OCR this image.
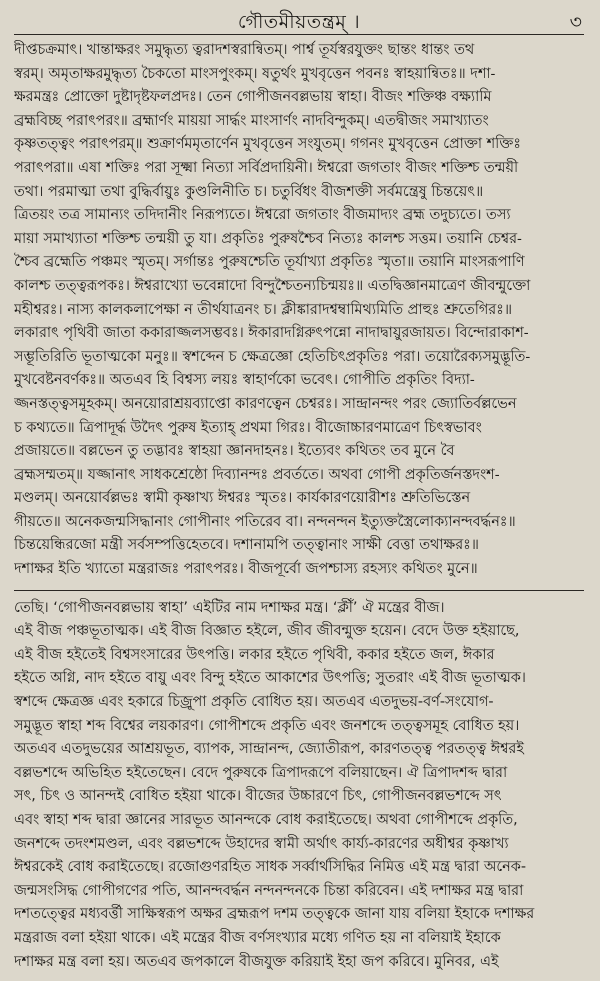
গৌতমীয়তন্ত্রম্ ।	৩
দীপ্তচক্রমাৎ। খান্তাক্ষরং সমুদ্ধৃত্য ত্বরাদশস্বরান্বিতম্। পার্শ্ব তূর্যস্বরযুক্তং ছান্তং ধান্তং তথ
স্বরম্। অমৃতাক্ষরমুদ্ধৃত্য চৈকতো মাংসপুংকম্। ষতুর্থং মুখবৃত্তেন পবনঃ স্বাহয়ান্বিতঃ॥ দশা-
ক্ষরমন্ত্রঃ প্রোক্তো দুষ্টাদৃষ্টফলপ্রদঃ। তেন গোপীজনবল্লভায় স্বাহা। বীজং শক্তিঞ্চ বক্ষ্যামি
ব্রহ্মবিচ্ছ পরাৎপরং॥ ব্রহ্মার্ণং মায়য়া সার্দ্ধং মাংসার্ণং নাদবিন্দুকম্। এতদ্বীজং সমাখ্যাতং
কৃষ্ণতত্ত্বং পরাৎপরম্॥ শুক্রার্ণমমৃতার্ণেন মুখবৃত্তেন সংযুতম্। গগনং মুখবৃত্তেন প্রোক্তা শক্তিঃ
পরাৎপরা॥ এষা শক্তিঃ পরা সূক্ষ্মা নিত্যা সর্বিপ্রদায়িনী। ঈশ্বরো জগতাং বীজং শক্তিশ্চ তন্ময়ী
তথা। পরমাত্মা তথা বুদ্ধির্বায়ুঃ কুণ্ডলিনীতি চ। চতুর্বিধং বীজশক্তী সর্বমন্ত্রেষু চিন্তয়েৎ॥
ত্রিতয়ং তত্র সামান্যং তদিদানীং নিরূপ্যতে। ঈশ্বরো জগতাং বীজমাদ্যং ব্রহ্ম তদুচ্যতে। তস্য
মায়া সমাখ্যাতা শক্তিশ্চ তন্ময়ী তু যা। প্রকৃতিঃ পুরুষশ্চৈব নিত্যঃ কালশ্চ সত্তম। তয়ানি চেশ্বর-
শ্চৈব ব্রহ্মেতি পঞ্চমং স্মৃতম্। সর্গান্তঃ পুরুষশ্চেতি তূর্যাখ্যা প্রকৃতিঃ স্মৃতা॥ তয়ানি মাংসরূপাণি
কালশ্চ তত্ত্বরূপকঃ। ঈশ্বরাখ্যো ভবেন্নাদো বিন্দুশ্চৈতন্যচিন্ময়ঃ॥ এতদ্বিজ্ঞানমাত্রেণ জীবন্মুক্তো
মহীশ্বরঃ। নাস্য কালকলাপেক্ষা ন তীর্থযাত্রনং চ। ক্লীঙ্কারাদশ্বম্বামিথ্যমিতি প্রাহুঃ শ্রুতেগিরঃ॥
লকারাৎ পৃথিবী জাতা ককারাজ্জলসম্ভবঃ। ঈকারাদগ্নিরুৎপন্নো নাদাদ্বায়ুরজায়ত। বিন্দোরাকাশ-
সম্ভূতিরিতি ভূতাত্মকো মনুঃ॥ স্বশব্দেন চ ক্ষেত্রজ্ঞো হেতিচিৎপ্রকৃতিঃ পরা। তয়োরৈক্যসমুদ্ভূতি-
মুখবেষ্টনবর্ণকঃ॥ অতএব হি বিশ্বস্য লয়ঃ স্বাহার্ণকো ভবেৎ। গোপীতি প্রকৃতিং বিদ্যা-
জ্জনস্তত্ত্বসমূহকম্। অনয়োরাশ্রয়ব্যাপ্তো কারণত্বেন চেশ্বরঃ। সান্দ্রানন্দং পরং জ্যোতির্বল্লভেন
চ কথ্যতে॥ ত্রিপাদূর্দ্ধ উদৈৎ পুরুষ ইত্যাহ্ প্রথমা গিরঃ। বীজোচ্চারণমাত্রেণ চিৎস্বভাবং
প্রজায়তে॥ বল্লভেন তু তদ্ভাবঃ স্বাহয়া জ্ঞানদাহনঃ। ইত্যেবং কথিতং তব মুনে বৈ
ব্রহ্মসম্মতম্॥ যজ্জানাৎ সাধকশ্রেষ্ঠো দিব্যানন্দঃ প্রবর্ততে। অথবা গোপী প্রকৃতির্জনস্তদংশ-
মণ্ডলম্। অনয়োর্বল্লভঃ স্বামী কৃষ্ণাখ্য ঈশ্বরঃ স্মৃতঃ। কার্যকারণয়োরীশঃ শ্রুতিভিস্তেন
গীয়তে॥ অনেকজন্মসিদ্ধানাং গোপীনাং পতিরেব বা। নন্দনন্দন ইত্যুক্তস্ত্রৈলোক্যানন্দবর্দ্ধনঃ॥
চিন্তয়েন্ধিরজো মন্ত্রী সর্বসম্পত্তিহেতবে। দশানামপি তত্ত্বানাং সাক্ষী বেত্তা তথাক্ষরঃ॥
দশাক্ষর ইতি খ্যাতো মন্ত্ররাজঃ পরাৎপরঃ। বীজপূর্বো জপশ্চাস্য রহস্যং কথিতং মুনে॥
তেছি। ‘গোপীজনবল্লভায় স্বাহা’ এইটির নাম দশাক্ষর মন্ত্র। ‘ক্লীঁ’ ঐ মন্ত্রের বীজ।
এই বীজ পঞ্চভূতাত্মক। এই বীজ বিজ্ঞাত হইলে, জীব জীবন্মুক্ত হয়েন। বেদে উক্ত হইয়াছে,
এই বীজ হইতেই বিশ্বসংসারের উৎপত্তি। লকার হইতে পৃথিবী, ককার হইতে জল, ঈকার
হইতে অগ্নি, নাদ হইতে বায়ু এবং বিন্দু হইতে আকাশের উৎপত্তি; সুতরাং এই বীজ ভূতাত্মক।
স্বশব্দে ক্ষেত্রজ্ঞ এবং হকারে চিজ্রূপা প্রকৃতি বোধিত হয়। অতএব এতদুভয়-বর্ণ-সংযোগ-
সমুদ্ভূত স্বাহা শব্দ বিশ্বের লয়কারণ। গোপীশব্দে প্রকৃতি এবং জনশব্দে তত্ত্বসমূহ বোধিত হয়।
অতএব এতদুভয়ের আশ্রয়ভূত, ব্যাপক, সান্দ্রানন্দ, জ্যোতীরূপ, কারণতত্ত্ব পরতত্ত্ব ঈশ্বরই
বল্লভশব্দে অভিহিত হইতেছেন। বেদে পুরুষকে ত্রিপাদরূপে বলিয়াছেন। ঐ ত্রিপাদশব্দ দ্বারা
সৎ, চিৎ ও আনন্দই বোধিত হইয়া থাকে। বীজের উচ্চারণে চিৎ, গোপীজনবল্লভশব্দে সৎ
এবং স্বাহা শব্দ দ্বারা জ্ঞানের সারভূত আনন্দকে বোধ করাইতেছে। অথবা গোপীশব্দে প্রকৃতি,
জনশব্দে তদংশমণ্ডল, এবং বল্লভশব্দে উহাদের স্বামী অর্থাৎ কার্য্য-কারণের অধীশ্বর কৃষ্ণাখ্য
ঈশ্বরকেই বোধ করাইতেছে। রজোগুণরহিত সাধক সর্ব্বার্থসিদ্ধির নিমিত্ত এই মন্ত্র দ্বারা অনেক-
জন্মসংসিদ্ধ গোপীগণের পতি, আনন্দবর্দ্ধন নন্দনন্দনকে চিন্তা করিবেন। এই দশাক্ষর মন্ত্র দ্বারা
দশতত্ত্বের মধ্যবর্ত্তী সাক্ষিস্বরূপ অক্ষর ব্রহ্মরূপ দশম তত্ত্বকে জানা যায় বলিয়া ইহাকে দশাক্ষর
মন্ত্ররাজ বলা হইয়া থাকে। এই মন্ত্রের বীজ বর্ণসংখ্যার মধ্যে গণিত হয় না বলিয়াই ইহাকে
দশাক্ষর মন্ত্র বলা হয়। অতএব জপকালে বীজযুক্ত করিয়াই ইহা জপ করিবে। মুনিবর, এই
